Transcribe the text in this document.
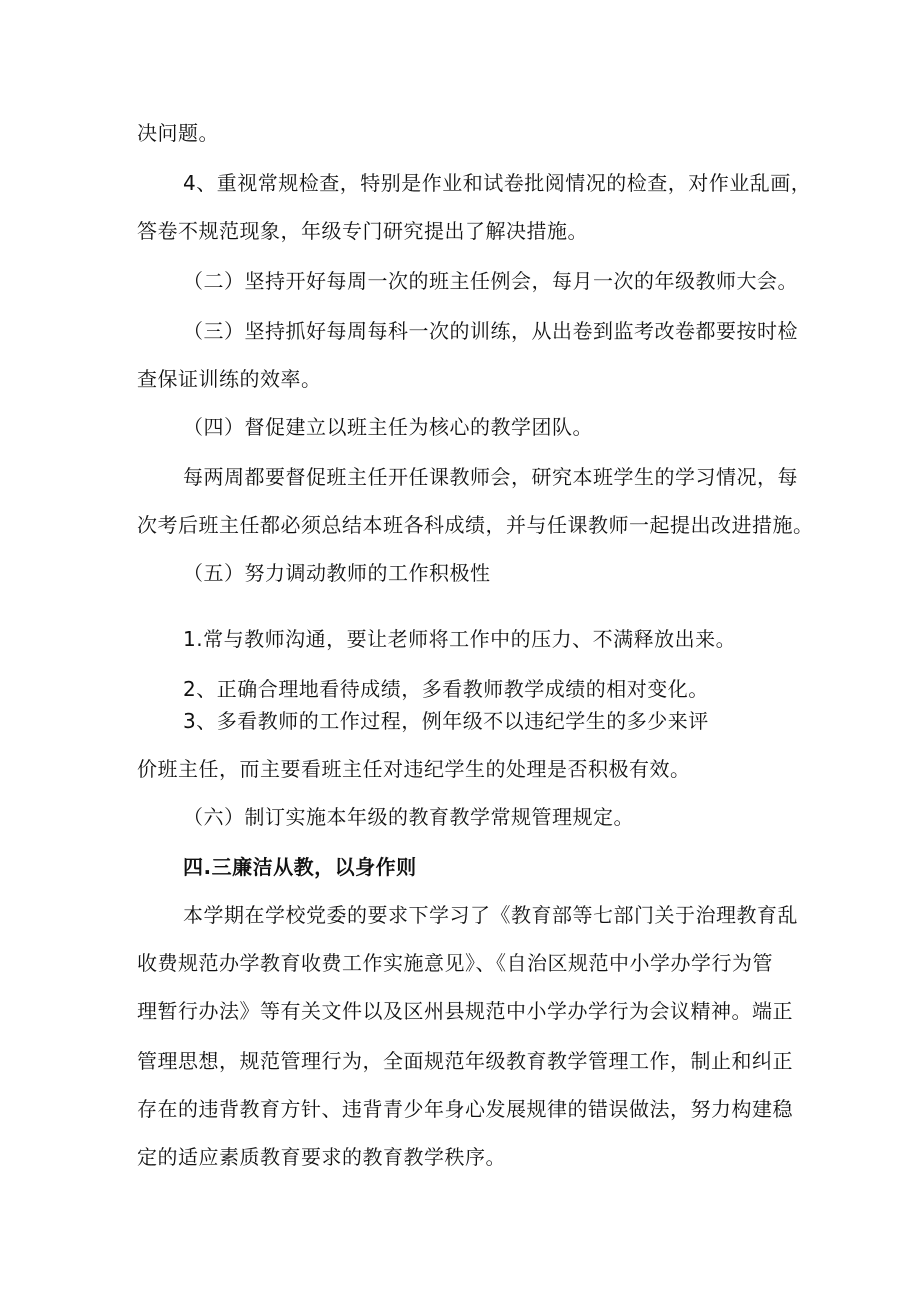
决问题。
4、重视常规检查，特别是作业和试卷批阅情况的检查，对作业乱画，
答卷不规范现象，年级专门研究提出了解决措施。
（二）坚持开好每周一次的班主任例会，每月一次的年级教师大会。
（三）坚持抓好每周每科一次的训练，从出卷到监考改卷都要按时检
查保证训练的效率。
（四）督促建立以班主任为核心的教学团队。
每两周都要督促班主任开任课教师会，研究本班学生的学习情况，每
次考后班主任都必须总结本班各科成绩，并与任课教师一起提出改进措施。
（五）努力调动教师的工作积极性
1.常与教师沟通，要让老师将工作中的压力、不满释放出来。
2、正确合理地看待成绩，多看教师教学成绩的相对变化。
3、多看教师的工作过程，例年级不以违纪学生的多少来评
价班主任，而主要看班主任对违纪学生的处理是否积极有效。
（六）制订实施本年级的教育教学常规管理规定。
四.三廉洁从教，以身作则
本学期在学校党委的要求下学习了《教育部等七部门关于治理教育乱
收费规范办学教育收费工作实施意见》、《自治区规范中小学办学行为管
理暂行办法》等有关文件以及区州县规范中小学办学行为会议精神。端正
管理思想，规范管理行为，全面规范年级教育教学管理工作，制止和纠正
存在的违背教育方针、违背青少年身心发展规律的错误做法，努力构建稳
定的适应素质教育要求的教育教学秩序。
